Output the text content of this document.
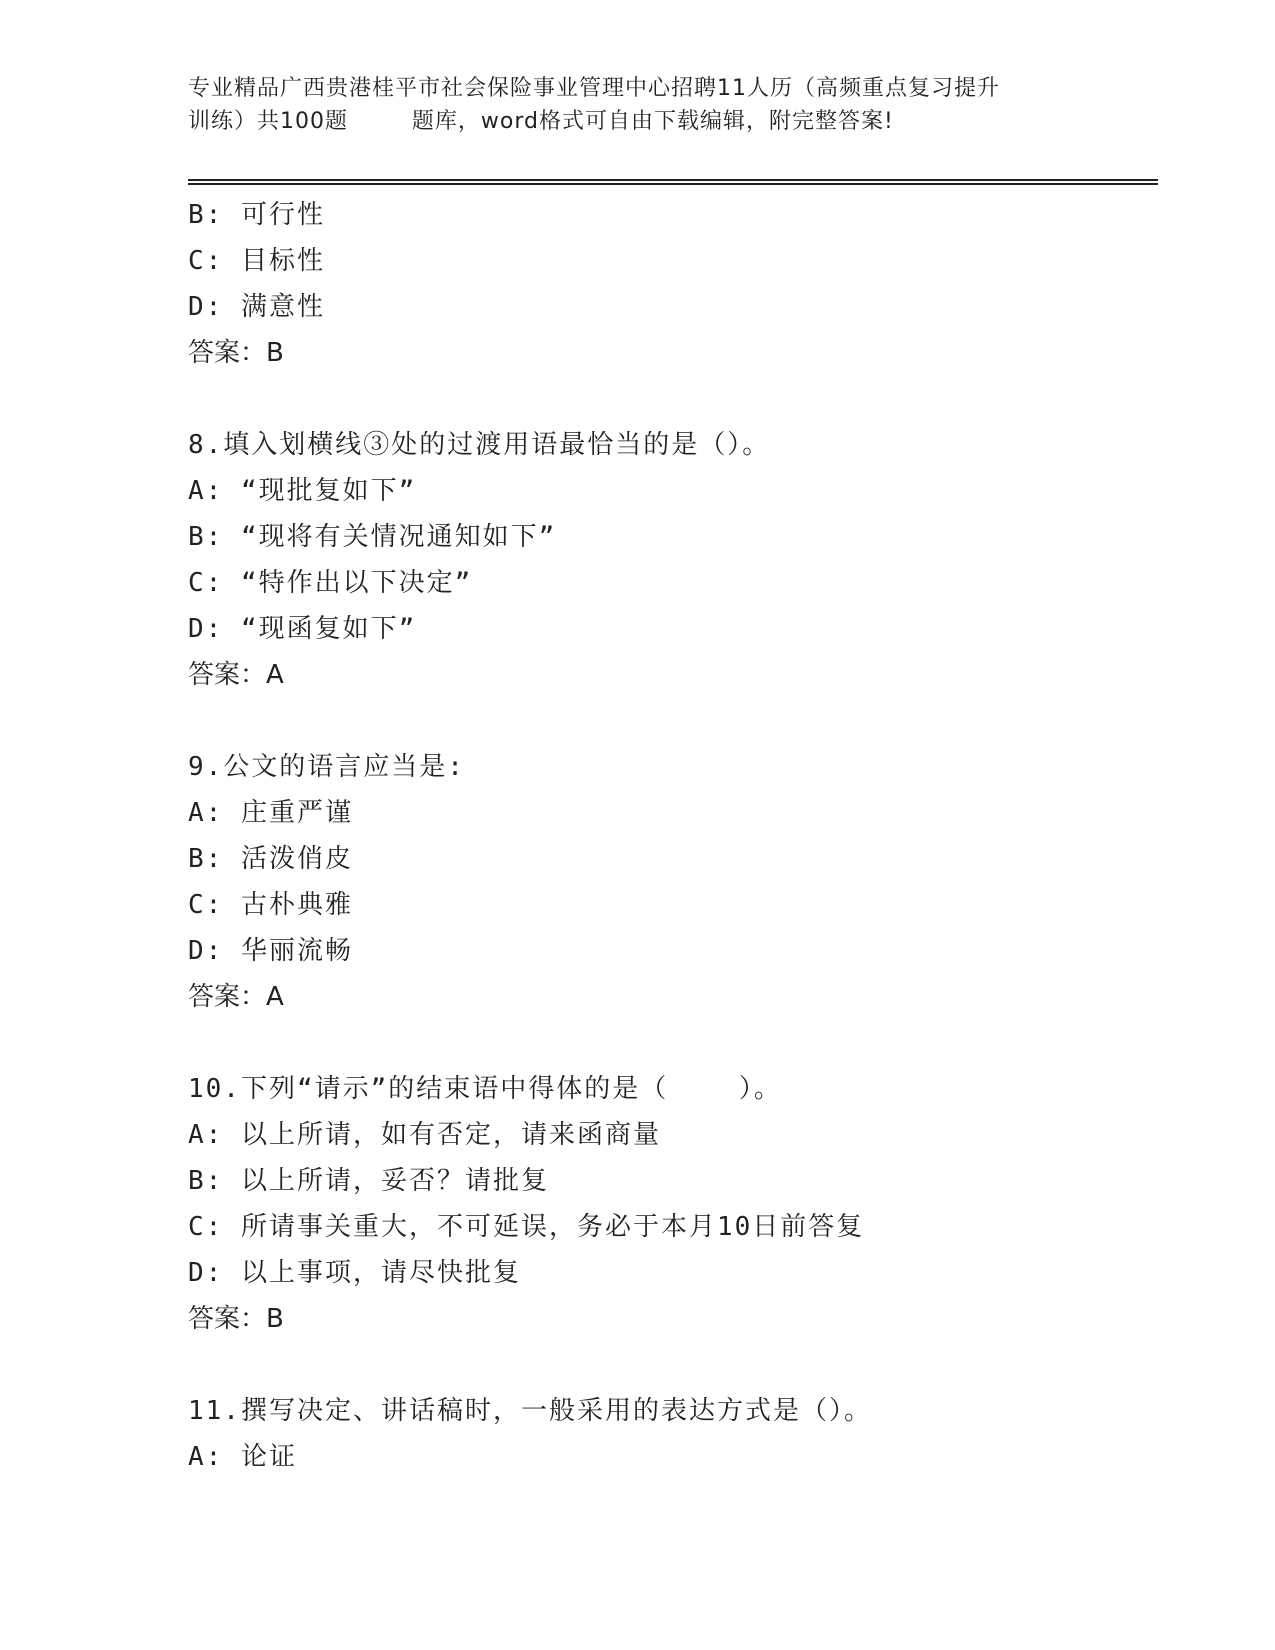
专业精品广西贵港桂平市社会保险事业管理中心招聘11人历（高频重点复习提升
训练）共100题        题库，word格式可自由下载编辑，附完整答案!
B: 可行性
C: 目标性
D: 满意性
答案：B
8.填入划横线③处的过渡用语最恰当的是（）。
A: “现批复如下”
B: “现将有关情况通知如下”
C: “特作出以下决定”
D: “现函复如下”
答案：A
9.公文的语言应当是:
A: 庄重严谨
B: 活泼俏皮
C: 古朴典雅
D: 华丽流畅
答案：A
10.下列“请示”的结束语中得体的是（    ）。
A: 以上所请，如有否定，请来函商量
B: 以上所请，妥否？请批复
C: 所请事关重大，不可延误，务必于本月10日前答复
D: 以上事项，请尽快批复
答案：B
11.撰写决定、讲话稿时，一般采用的表达方式是（）。
A: 论证
